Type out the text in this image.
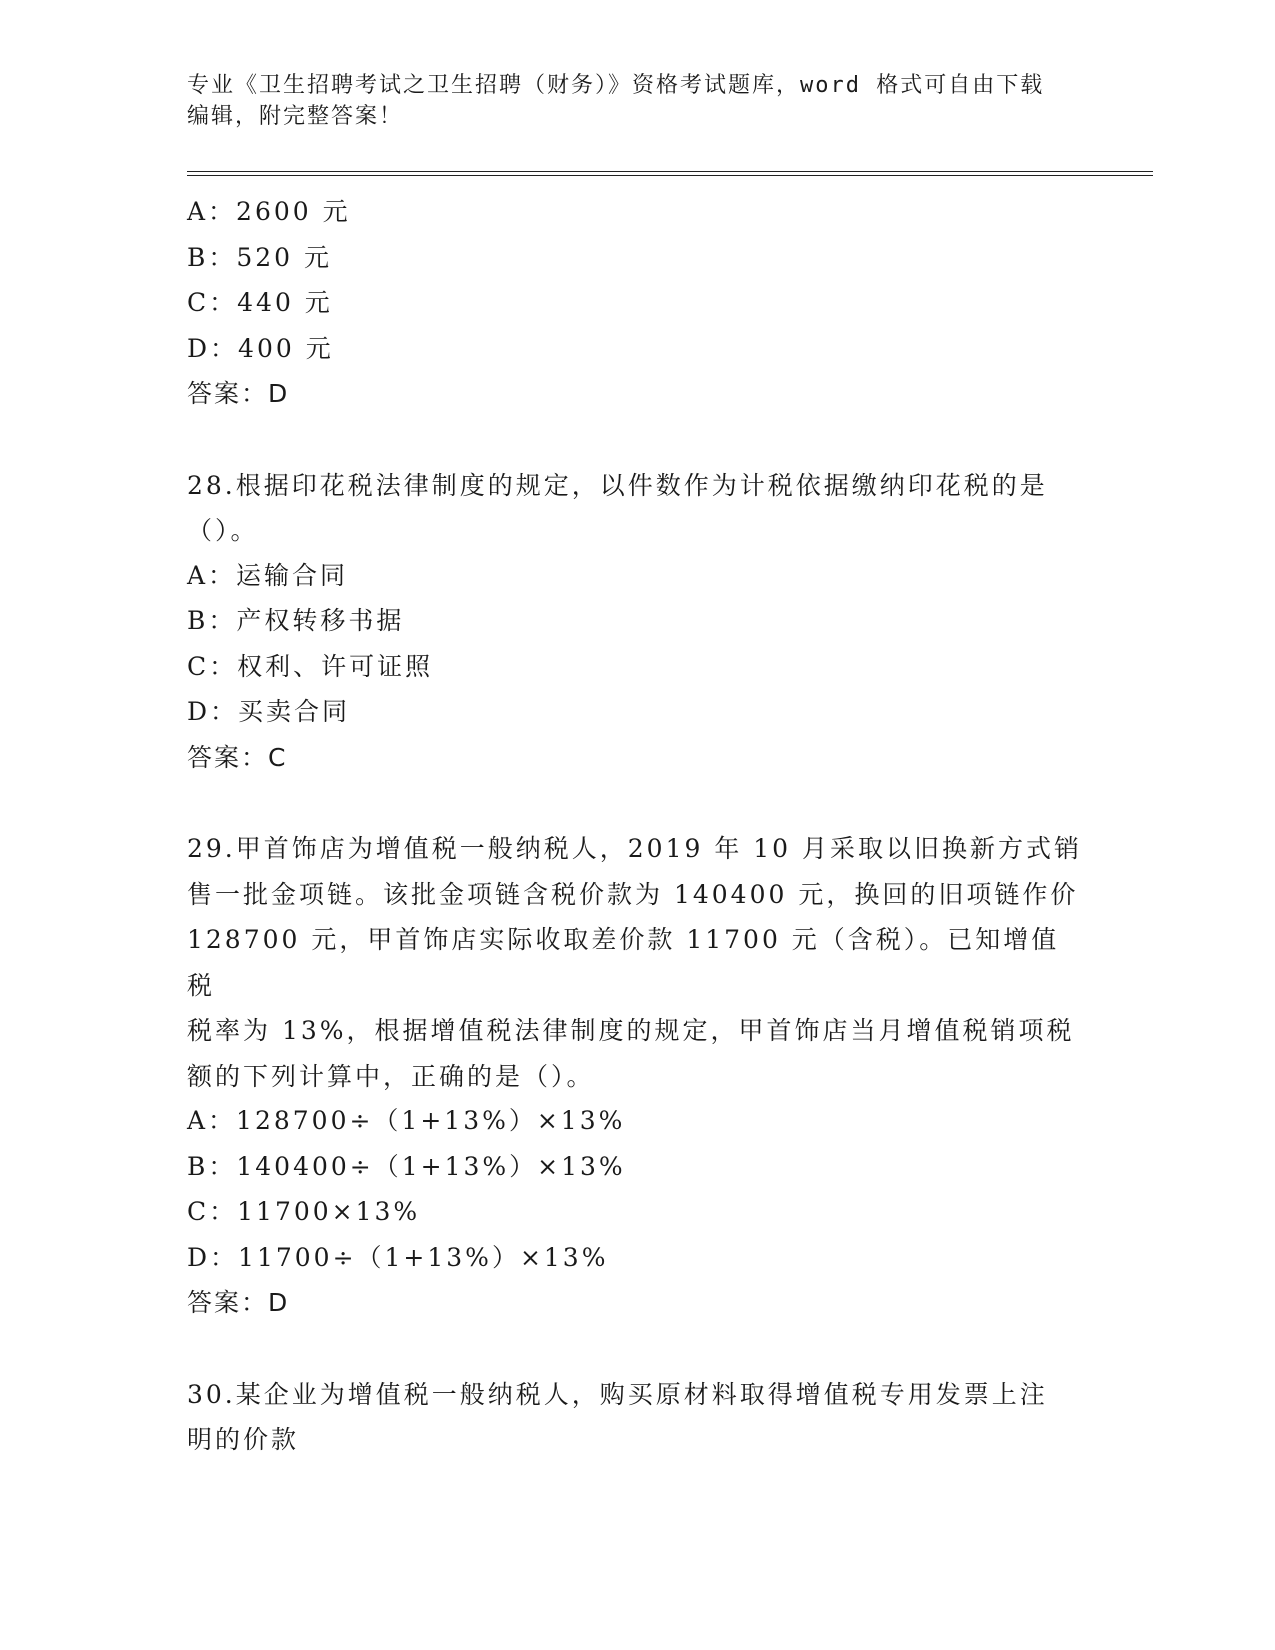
专业《卫生招聘考试之卫生招聘（财务）》资格考试题库，word 格式可自由下载
编辑，附完整答案！
A：2600 元
B：520 元
C：440 元
D：400 元
答案：D
28.根据印花税法律制度的规定，以件数作为计税依据缴纳印花税的是
（）。
A：运输合同
B：产权转移书据
C：权利、许可证照
D：买卖合同
答案：C
29.甲首饰店为增值税一般纳税人，2019 年 10 月采取以旧换新方式销
售一批金项链。该批金项链含税价款为 140400 元，换回的旧项链作价
128700 元，甲首饰店实际收取差价款 11700 元（含税）。已知增值税
税率为 13%，根据增值税法律制度的规定，甲首饰店当月增值税销项税
额的下列计算中，正确的是（）。
A：128700÷（1+13%）×13%
B：140400÷（1+13%）×13%
C：11700×13%
D：11700÷（1+13%）×13%
答案：D
30.某企业为增值税一般纳税人，购买原材料取得增值税专用发票上注
明的价款
